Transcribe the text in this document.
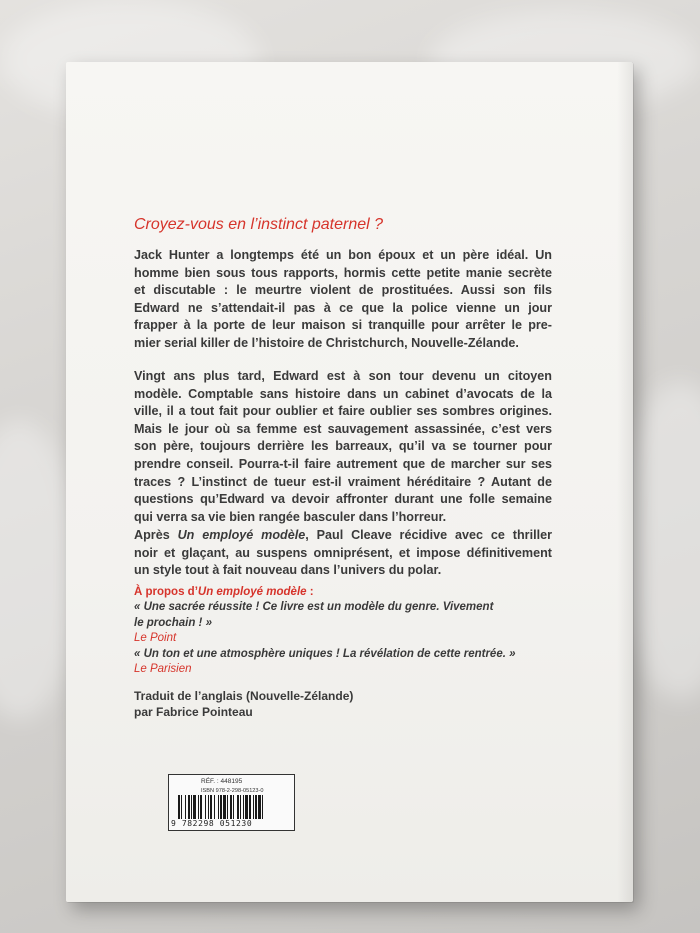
Croyez-vous en l’instinct paternel ?

Jack Hunter a longtemps été un bon époux et un père idéal. Un
homme bien sous tous rapports, hormis cette petite manie secrète
et discutable : le meurtre violent de prostituées. Aussi son fils
Edward ne s’attendait-il pas à ce que la police vienne un jour
frapper à la porte de leur maison si tranquille pour arrêter le pre-
mier serial killer de l’histoire de Christchurch, Nouvelle-Zélande.

Vingt ans plus tard, Edward est à son tour devenu un citoyen
modèle. Comptable sans histoire dans un cabinet d’avocats de la
ville, il a tout fait pour oublier et faire oublier ses sombres origines.
Mais le jour où sa femme est sauvagement assassinée, c’est vers
son père, toujours derrière les barreaux, qu’il va se tourner pour
prendre conseil. Pourra-t-il faire autrement que de marcher sur ses
traces ? L’instinct de tueur est-il vraiment héréditaire ? Autant de
questions qu’Edward va devoir affronter durant une folle semaine
qui verra sa vie bien rangée basculer dans l’horreur.

Après Un employé modèle, Paul Cleave récidive avec ce thriller
noir et glaçant, au suspens omniprésent, et impose définitivement
un style tout à fait nouveau dans l’univers du polar.

À propos d’Un employé modèle :
« Une sacrée réussite ! Ce livre est un modèle du genre. Vivement
le prochain ! »
Le Point
« Un ton et une atmosphère uniques ! La révélation de cette rentrée. »
Le Parisien
Traduit de l’anglais (Nouvelle-Zélande)
par Fabrice Pointeau
RÉF. : 448195
ISBN 978-2-298-05123-0
9 782298 051230
